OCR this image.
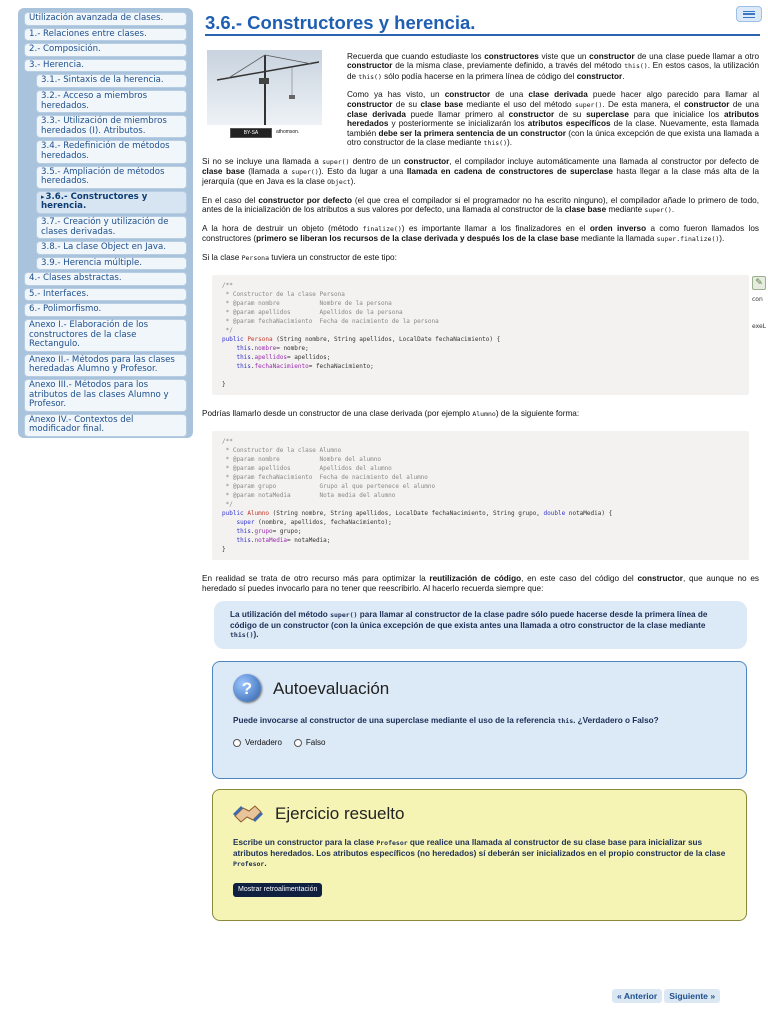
Utilización avanzada de clases.
1.- Relaciones entre clases.
2.- Composición.
3.- Herencia.
3.1.- Sintaxis de la herencia.
3.2.- Acceso a miembros heredados.
3.3.- Utilización de miembros heredados (I). Atributos.
3.4.- Redefinición de métodos heredados.
3.5.- Ampliación de métodos heredados.
▸3.6.- Constructores y herencia.
3.7.- Creación y utilización de clases derivadas.
3.8.- La clase Object en Java.
3.9.- Herencia múltiple.
4.- Clases abstractas.
5.- Interfaces.
6.- Polimorfismo.
Anexo I.- Elaboración de los constructores de la clase Rectangulo.
Anexo II.- Métodos para las clases heredadas Alumno y Profesor.
Anexo III.- Métodos para los atributos de las clases Alumno y Profesor.
Anexo IV.- Contextos del modificador final.
3.6.- Constructores y herencia.
BY-SA	athomson.

Recuerda que cuando estudiaste los constructores viste que un constructor de una clase puede llamar a otro constructor de la misma clase, previamente definido, a través del método this(). En estos casos, la utilización de this() sólo podía hacerse en la primera línea de código del constructor.

Como ya has visto, un constructor de una clase derivada puede hacer algo parecido para llamar al constructor de su clase base mediante el uso del método super(). De esta manera, el constructor de una clase derivada puede llamar primero al constructor de su superclase para que inicialice los atributos heredados y posteriormente se inicializarán los atributos específicos de la clase. Nuevamente, esta llamada también debe ser la primera sentencia de un constructor (con la única excepción de que exista una llamada a otro constructor de la clase mediante this()).

Si no se incluye una llamada a super() dentro de un constructor, el compilador incluye automáticamente una llamada al constructor por defecto de clase base (llamada a super()). Esto da lugar a una llamada en cadena de constructores de superclase hasta llegar a la clase más alta de la jerarquía (que en Java es la clase Object).

En el caso del constructor por defecto (el que crea el compilador si el programador no ha escrito ninguno), el compilador añade lo primero de todo, antes de la inicialización de los atributos a sus valores por defecto, una llamada al constructor de la clase base mediante super().

A la hora de destruir un objeto (método finalize()) es importante llamar a los finalizadores en el orden inverso a como fueron llamados los constructores (primero se liberan los recursos de la clase derivada y después los de la clase base mediante la llamada super.finalize()).

Si la clase Persona tuviera un constructor de este tipo:

/**
* Constructor de la clase Persona
* @param nombre           Nombre de la persona
* @param apellidos        Apellidos de la persona
* @param fechaNacimiento  Fecha de nacimiento de la persona
*/
public Persona (String nombre, String apellidos, LocalDate fechaNacimiento) {
this.nombre= nombre;
this.apellidos= apellidos;
this.fechaNacimiento= fechaNacimiento;

}

Podrías llamarlo desde un constructor de una clase derivada (por ejemplo Alumno) de la siguiente forma:

/**
* Constructor de la clase Alumno
* @param nombre           Nombre del alumno
* @param apellidos        Apellidos del alumno
* @param fechaNacimiento  Fecha de nacimiento del alumno
* @param grupo            Grupo al que pertenece el alumno
* @param notaMedia        Nota media del alumno
*/
public Alumno (String nombre, String apellidos, LocalDate fechaNacimiento, String grupo, double notaMedia) {
super (nombre, apellidos, fechaNacimiento);
this.grupo= grupo;
this.notaMedia= notaMedia;
}

En realidad se trata de otro recurso más para optimizar la reutilización de código, en este caso del código del constructor, que aunque no es heredado sí puedes invocarlo para no tener que reescribirlo. Al hacerlo recuerda siempre que:

La utilización del método super() para llamar al constructor de la clase padre sólo puede hacerse desde la primera línea de código de un constructor (con la única excepción de que exista antes una llamada a otro constructor de la clase mediante this()).
?	Autoevaluación
Puede invocarse al constructor de una superclase mediante el uso de la referencia this. ¿Verdadero o Falso?
Verdadero	Falso
Ejercicio resuelto
Escribe un constructor para la clase Profesor que realice una llamada al constructor de su clase base para inicializar sus atributos heredados. Los atributos específicos (no heredados) sí deberán ser inicializados en el propio constructor de la clase Profesor.
Mostrar retroalimentación
« Anterior	Siguiente »
✎
con
exeL
